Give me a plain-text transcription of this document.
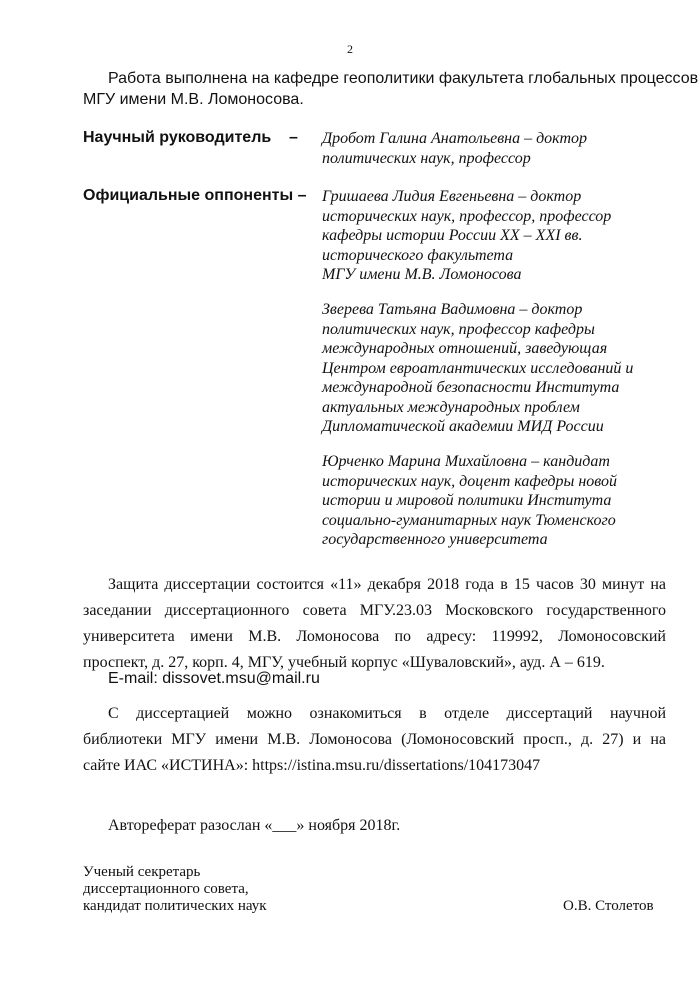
2
Работа выполнена на кафедре геополитики факультета глобальных процессов
МГУ имени М.В. Ломоносова.
Научный руководитель – Дробот Галина Анатольевна – доктор
политических наук, профессор
Официальные оппоненты – Гришаева Лидия Евгеньевна – доктор
исторических наук, профессор, профессор
кафедры истории России XX – XXI вв.
исторического факультета
МГУ имени М.В. Ломоносова
Зверева Татьяна Вадимовна – доктор
политических наук, профессор кафедры
международных отношений, заведующая
Центром евроатлантических исследований и
международной безопасности Института
актуальных международных проблем
Дипломатической академии МИД России
Юрченко Марина Михайловна – кандидат
исторических наук, доцент кафедры новой
истории и мировой политики Института
социально-гуманитарных наук Тюменского
государственного университета
Защита диссертации состоится «11» декабря 2018 года в 15 часов 30 минут на
заседании диссертационного совета МГУ.23.03 Московского государственного
университета имени М.В. Ломоносова по адресу: 119992, Ломоносовский
проспект, д. 27, корп. 4, МГУ, учебный корпус «Шуваловский», ауд. А – 619.
E-mail: dissovet.msu@mail.ru
С диссертацией можно ознакомиться в отделе диссертаций научной
библиотеки МГУ имени М.В. Ломоносова (Ломоносовский просп., д. 27) и на
сайте ИАС «ИСТИНА»: https://istina.msu.ru/dissertations/104173047
Автореферат разослан «___» ноября 2018г.
Ученый секретарь
диссертационного совета,
кандидат политических наук	О.В. Столетов
